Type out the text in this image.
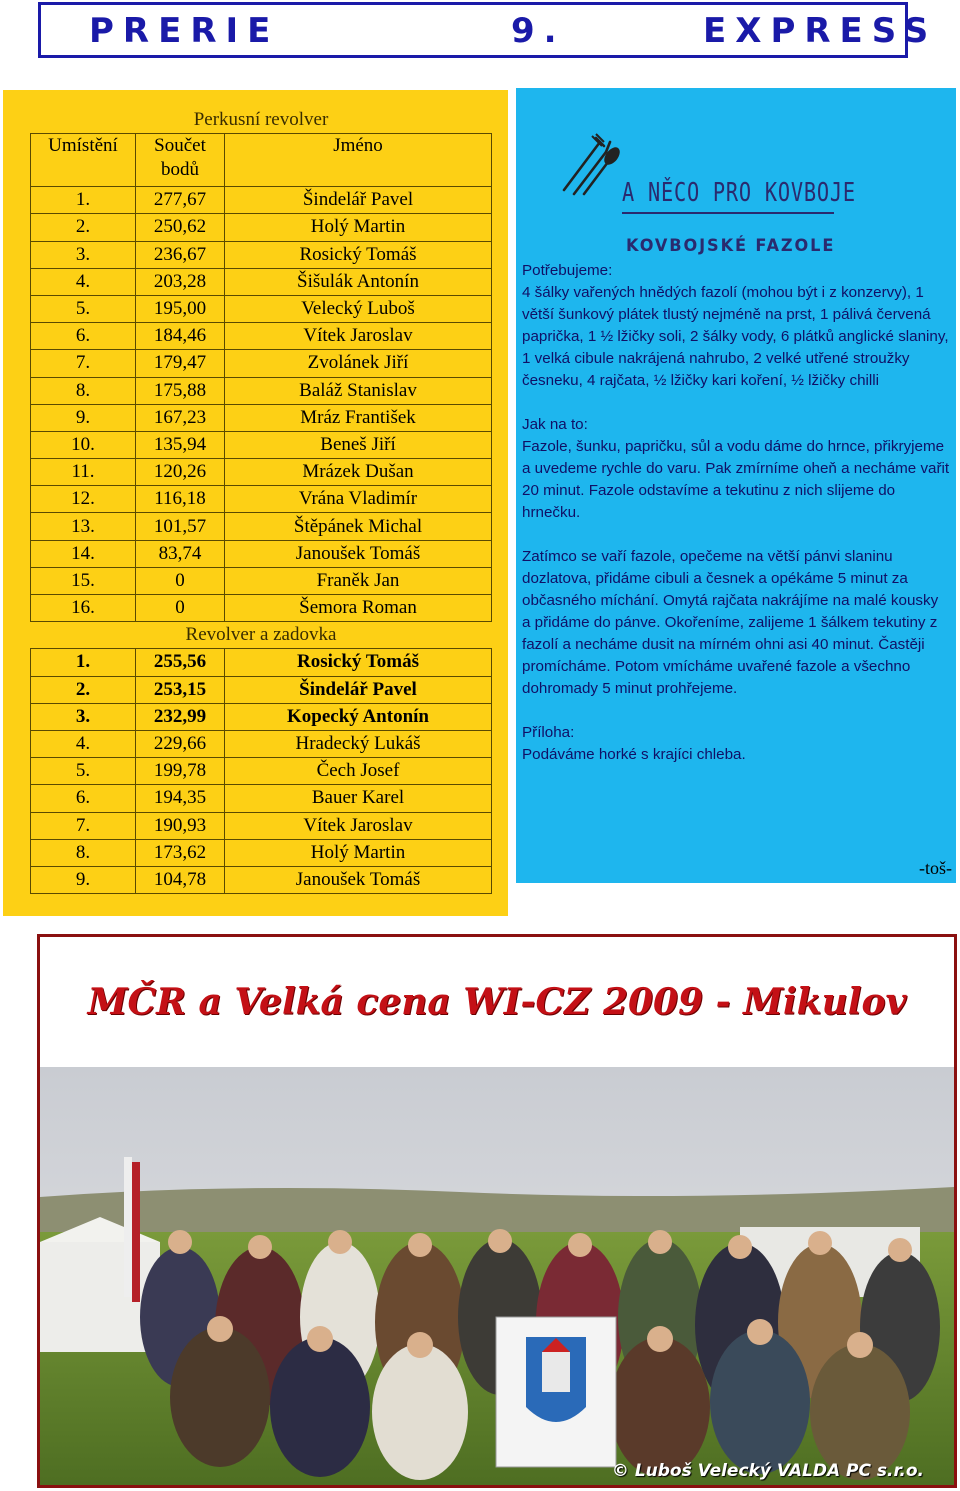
PRERIE	9.	EXPRESS
Perkusní revolver		
Umístění	Součet bodů	Jméno
1.	277,67	Šindelář Pavel
2.	250,62	Holý Martin
3.	236,67	Rosický Tomáš
4.	203,28	Šišulák Antonín
5.	195,00	Velecký Luboš
6.	184,46	Vítek Jaroslav
7.	179,47	Zvolánek Jiří
8.	175,88	Baláž Stanislav
9.	167,23	Mráz František
10.	135,94	Beneš Jiří
11.	120,26	Mrázek Dušan
12.	116,18	Vrána Vladimír
13.	101,57	Štěpánek Michal
14.	83,74	Janoušek Tomáš
15.	0	Franěk Jan
16.	0	Šemora Roman
Revolver a zadovka		
1.	255,56	Rosický Tomáš
2.	253,15	Šindelář Pavel
3.	232,99	Kopecký Antonín
4.	229,66	Hradecký Lukáš
5.	199,78	Čech Josef
6.	194,35	Bauer Karel
7.	190,93	Vítek Jaroslav
8.	173,62	Holý Martin
9.	104,78	Janoušek Tomáš
A NĚCO PRO KOVBOJE
KOVBOJSKÉ FAZOLE

Potřebujeme:
4 šálky vařených hnědých fazolí (mohou být i z konzervy), 1 větší šunkový plátek tlustý nejméně na prst, 1 pálivá červená paprička, 1 ½ lžičky soli, 2 šálky vody, 6 plátků anglické slaniny, 1 velká cibule nakrájená nahrubo, 2 velké utřené stroužky česneku, 4 rajčata, ½ lžičky kari koření, ½ lžičky chilli

Jak na to:
Fazole, šunku, papričku, sůl a vodu dáme do hrnce, přikryjeme a uvedeme rychle do varu. Pak zmírníme oheň a necháme vařit 20 minut. Fazole odstavíme a tekutinu z nich slijeme do hrnečku.

Zatímco se vaří fazole, opečeme na větší pánvi slaninu dozlatova, přidáme cibuli a česnek a opékáme 5 minut za občasného míchání. Omytá rajčata nakrájíme na malé kousky a přidáme do pánve. Okořeníme, zalijeme 1 šálkem tekutiny z fazolí a necháme dusit na mírném ohni asi 40 minut. Častěji promícháme. Potom vmícháme uvařené fazole a všechno dohromady 5 minut prohřejeme.

Příloha:
Podáváme horké s krajíci chleba.

-toš-
MČR a Velká cena WI-CZ 2009 - Mikulov
© Luboš Velecký VALDA PC s.r.o.
